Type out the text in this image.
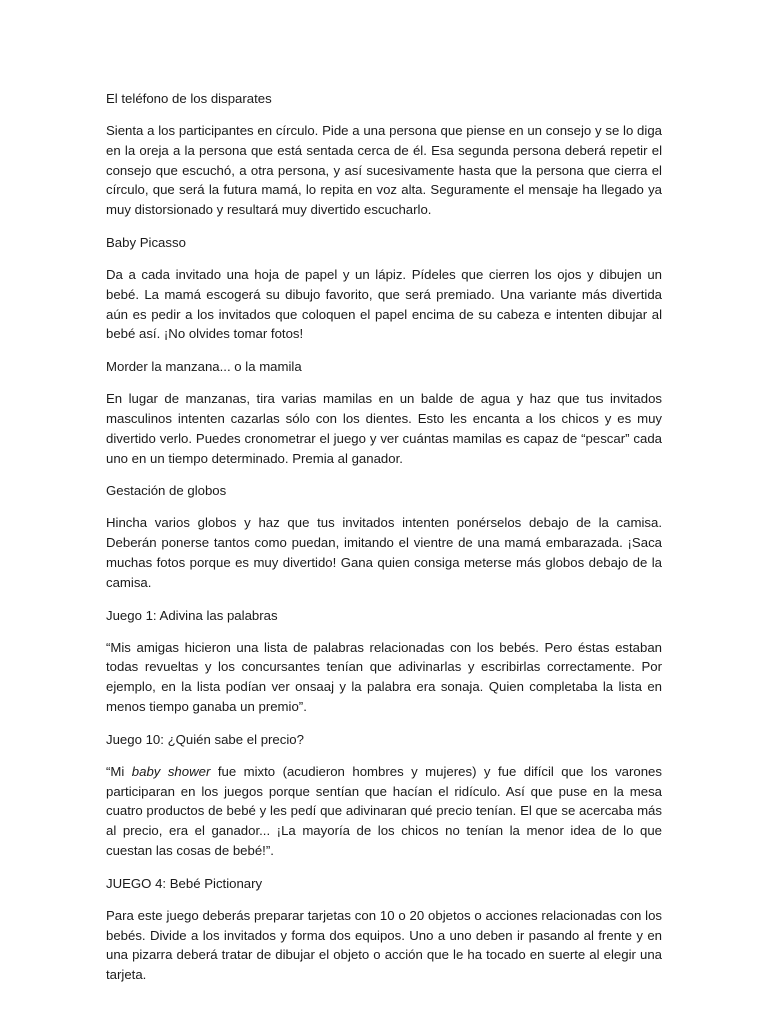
El teléfono de los disparates

Sienta a los participantes en círculo. Pide a una persona que piense en un consejo y se lo diga en la oreja a la persona que está sentada cerca de él. Esa segunda persona deberá repetir el consejo que escuchó, a otra persona, y así sucesivamente hasta que la persona que cierra el círculo, que será la futura mamá, lo repita en voz alta. Seguramente el mensaje ha llegado ya muy distorsionado y resultará muy divertido escucharlo.

Baby Picasso

Da a cada invitado una hoja de papel y un lápiz. Pídeles que cierren los ojos y dibujen un bebé. La mamá escogerá su dibujo favorito, que será premiado. Una variante más divertida aún es pedir a los invitados que coloquen el papel encima de su cabeza e intenten dibujar al bebé así. ¡No olvides tomar fotos!

Morder la manzana... o la mamila

En lugar de manzanas, tira varias mamilas en un balde de agua y haz que tus invitados masculinos intenten cazarlas sólo con los dientes. Esto les encanta a los chicos y es muy divertido verlo. Puedes cronometrar el juego y ver cuántas mamilas es capaz de “pescar” cada uno en un tiempo determinado. Premia al ganador.

Gestación de globos

Hincha varios globos y haz que tus invitados intenten ponérselos debajo de la camisa. Deberán ponerse tantos como puedan, imitando el vientre de una mamá embarazada. ¡Saca muchas fotos porque es muy divertido! Gana quien consiga meterse más globos debajo de la camisa.

Juego 1: Adivina las palabras

“Mis amigas hicieron una lista de palabras relacionadas con los bebés. Pero éstas estaban todas revueltas y los concursantes tenían que adivinarlas y escribirlas correctamente. Por ejemplo, en la lista podían ver onsaaj y la palabra era sonaja. Quien completaba la lista en menos tiempo ganaba un premio”.

Juego 10: ¿Quién sabe el precio?

“Mi baby shower fue mixto (acudieron hombres y mujeres) y fue difícil que los varones participaran en los juegos porque sentían que hacían el ridículo. Así que puse en la mesa cuatro productos de bebé y les pedí que adivinaran qué precio tenían. El que se acercaba más al precio, era el ganador... ¡La mayoría de los chicos no tenían la menor idea de lo que cuestan las cosas de bebé!”.

JUEGO 4: Bebé Pictionary

Para este juego deberás preparar tarjetas con 10 o 20 objetos o acciones relacionadas con los bebés. Divide a los invitados y forma dos equipos. Uno a uno deben ir pasando al frente y en una pizarra deberá tratar de dibujar el objeto o acción que le ha tocado en suerte al elegir una tarjeta.
